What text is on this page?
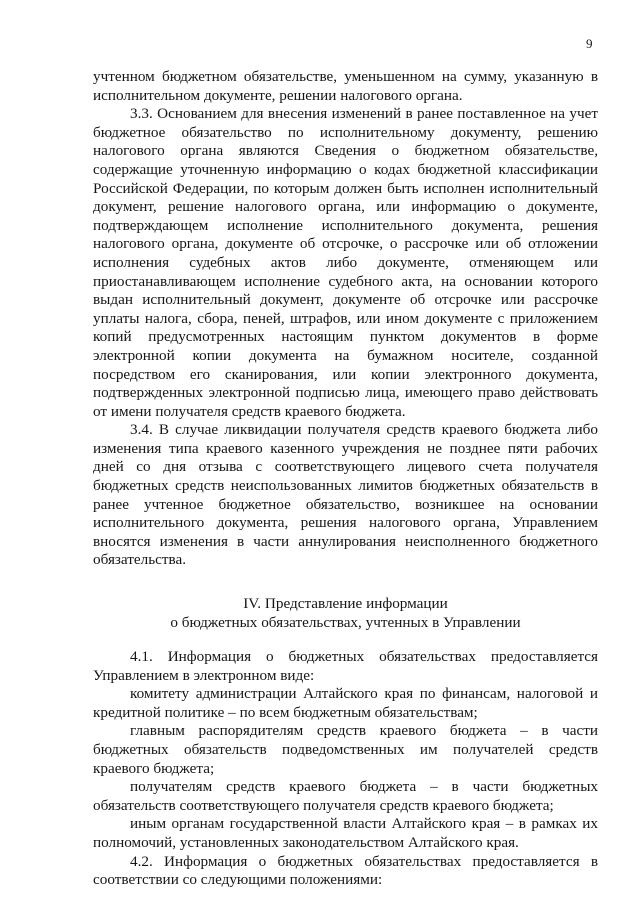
9

учтенном бюджетном обязательстве, уменьшенном на сумму, указанную в исполнительном документе, решении налогового органа.

3.3. Основанием для внесения изменений в ранее поставленное на учет бюджетное обязательство по исполнительному документу, решению налогового органа являются Сведения о бюджетном обязательстве, содержащие уточненную информацию о кодах бюджетной классификации Российской Федерации, по которым должен быть исполнен исполнительный документ, решение налогового органа, или информацию о документе, подтверждающем исполнение исполнительного документа, решения налогового органа, документе об отсрочке, о рассрочке или об отложении исполнения судебных актов либо документе, отменяющем или приостанавливающем исполнение судебного акта, на основании которого выдан исполнительный документ, документе об отсрочке или рассрочке уплаты налога, сбора, пеней, штрафов, или ином документе с приложением копий предусмотренных настоящим пунктом документов в форме электронной копии документа на бумажном носителе, созданной посредством его сканирования, или копии электронного документа, подтвержденных электронной подписью лица, имеющего право действовать от имени получателя средств краевого бюджета.

3.4. В случае ликвидации получателя средств краевого бюджета либо изменения типа краевого казенного учреждения не позднее пяти рабочих дней со дня отзыва с соответствующего лицевого счета получателя бюджетных средств неиспользованных лимитов бюджетных обязательств в ранее учтенное бюджетное обязательство, возникшее на основании исполнительного документа, решения налогового органа, Управлением вносятся изменения в части аннулирования неисполненного бюджетного обязательства.

IV. Представление информации

о бюджетных обязательствах, учтенных в Управлении

4.1. Информация о бюджетных обязательствах предоставляется Управлением в электронном виде:

комитету администрации Алтайского края по финансам, налоговой и кредитной политике – по всем бюджетным обязательствам;

главным распорядителям средств краевого бюджета – в части бюджетных обязательств подведомственных им получателей средств краевого бюджета;

получателям средств краевого бюджета – в части бюджетных обязательств соответствующего получателя средств краевого бюджета;

иным органам государственной власти Алтайского края – в рамках их полномочий, установленных законодательством Алтайского края.

4.2. Информация о бюджетных обязательствах предоставляется в соответствии со следующими положениями:
